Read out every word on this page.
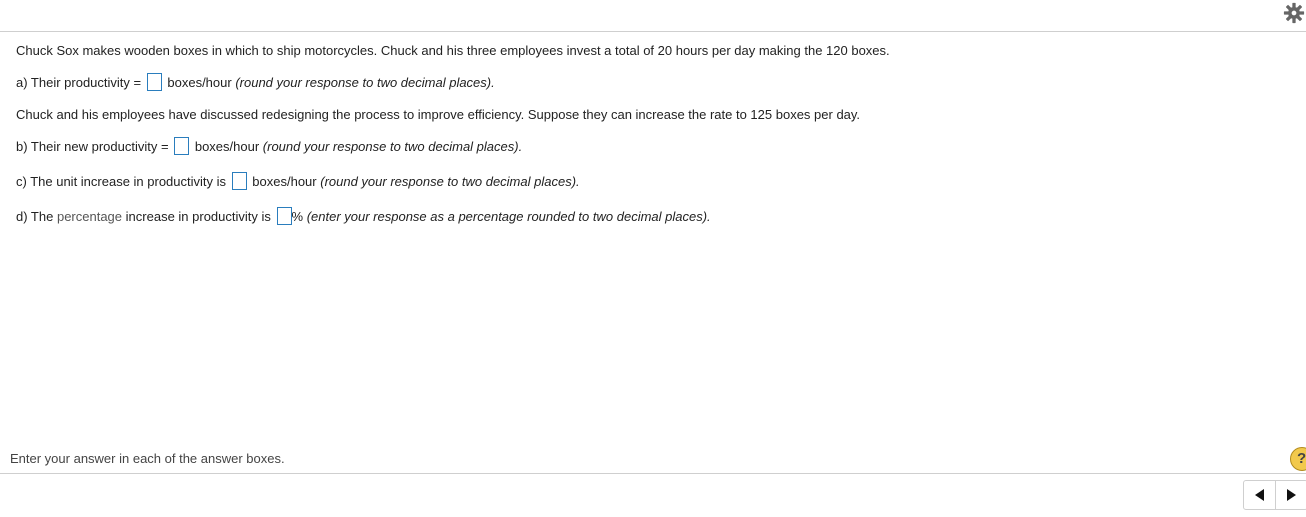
Chuck Sox makes wooden boxes in which to ship motorcycles. Chuck and his three employees invest a total of 20 hours per day making the 120 boxes.
a) Their productivity = boxes/hour (round your response to two decimal places).
Chuck and his employees have discussed redesigning the process to improve efficiency. Suppose they can increase the rate to 125 boxes per day.
b) Their new productivity = boxes/hour (round your response to two decimal places).
c) The unit increase in productivity is boxes/hour (round your response to two decimal places).
d) The percentage increase in productivity is % (enter your response as a percentage rounded to two decimal places).
Enter your answer in each of the answer boxes.	?
